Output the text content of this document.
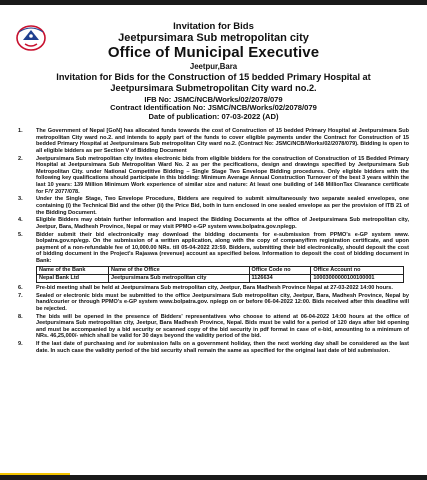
Invitation for Bids
Jeetpursimara Sub metropolitan city
Office of Municipal Executive
Jeetpur,Bara
Invitation for Bids for the Construction of 15 bedded Primary Hospital at Jeetpursimara Submetropolitan City ward no.2.
IFB No: JSMC/NCB/Works/02/2078/079
Contract Identification No: JSMC/NCB/Works/02/2078/079
Date of publication: 07-03-2022 (AD)
1.	The Government of Nepal [GoN] has allocated funds towards the cost of Construction of 15 bedded Primary Hospital at Jeetpursimara Sub metropolitan City ward no.2. and intends to apply part of the funds to cover eligible payments under the Contract for Construction of 15 bedded Primary Hospital at Jeetpursimara Sub metropolitan City ward no.2. (Contract No: JSMC/NCB/Works/02/2078/079). Bidding is open to all eligible bidders as per Section V of Bidding Document
2.	Jeetpursimara Sub metropolitan city invites electronic bids from eligible bidders for the construction of Construction of 15 Bedded Primary Hospital at Jeetpursimara Sub Metropolitan Ward No. 2 as per the pecifications, design and drawings specified by Jeetpursimara Sub Metropolitan City. under National Competitive Bidding – Single Stage Two Envelope Bidding procedures. Only eligible bidders with the following key qualifications should participate in this bidding: Minimum Average Annual Construction Turnover of the best 3 years within the last 10 years: 139 Million Minimum Work experience of similar size and nature: At least one building of 148 MillionTax Clearance certificate for F/Y 2077/078.
3.	Under the Single Stage, Two Envelope Procedure, Bidders are required to submit simultaneously two separate sealed envelopes, one containing (i) the Technical Bid and the other (ii) the Price Bid, both in turn enclosed in one sealed envelope as per the provision of ITB 21 of the Bidding Document.
4.	Eligible Bidders may obtain further information and inspect the Bidding Documents at the office of Jeetpursimara Sub metropolitan city, Jeetpur, Bara, Madhesh Province, Nepal or may visit PPMO e-GP system www.bolpatra.gov.np/egp.
5.	Bidder submit their bid electronically may download the bidding documents for e-submission from PPMO's e-GP system www. bolpatra.gov.np/egp. On the submission of a written application, along with the copy of company/firm registration certificate, and upon payment of a non-refundable fee of 10,000.00 NRs. till 05-04-2022 23:59. Bidders, submitting their bid electronically, should deposit the cost of bidding document in the Project's Rajaswa (revenue) account as specified below. Information to deposit the cost of bidding document in Bank:
Name of the Bank	Name of the Office	Office Code no	Office Account no
Nepal Bank Ltd	Jeetpursimara Sub metropolitan city	1126634	10003000000100100001
6.	Pre-bid meeting shall be held at Jeetpursimara Sub metropolitan city, Jeetpur, Bara Madhesh Province Nepal at 27-03-2022 14:00 hours.
7.	Sealed or electronic bids must be submitted to the office Jeetpursimara Sub metropolitan city, Jeetpur, Bara, Madhesh Province, Nepal by hand/courier or through PPMO's e-GP system www.bolpatra.gov. np/egp on or before 06-04-2022 12:00. Bids received after this deadline will be rejected.
8.	The bids will be opened in the presence of Bidders' representatives who choose to attend at 06-04-2022 14:00 hours at the office of Jeetpursimara Sub metropolitan city, Jeetpur, Bara Madhesh Province, Nepal. Bids must be valid for a period of 120 days after bid opening and must be accompanied by a bid security or scanned copy of the bid security in pdf format in case of e-bid, amounting to a minimum of NRs. 46,25,000/- which shall be valid for 30 days beyond the validity period of the bid.
9.	If the last date of purchasing and /or submission falls on a government holiday, then the next working day shall be considered as the last date. In such case the validity period of the bid security shall remain the same as specified for the original last date of bid submission.
